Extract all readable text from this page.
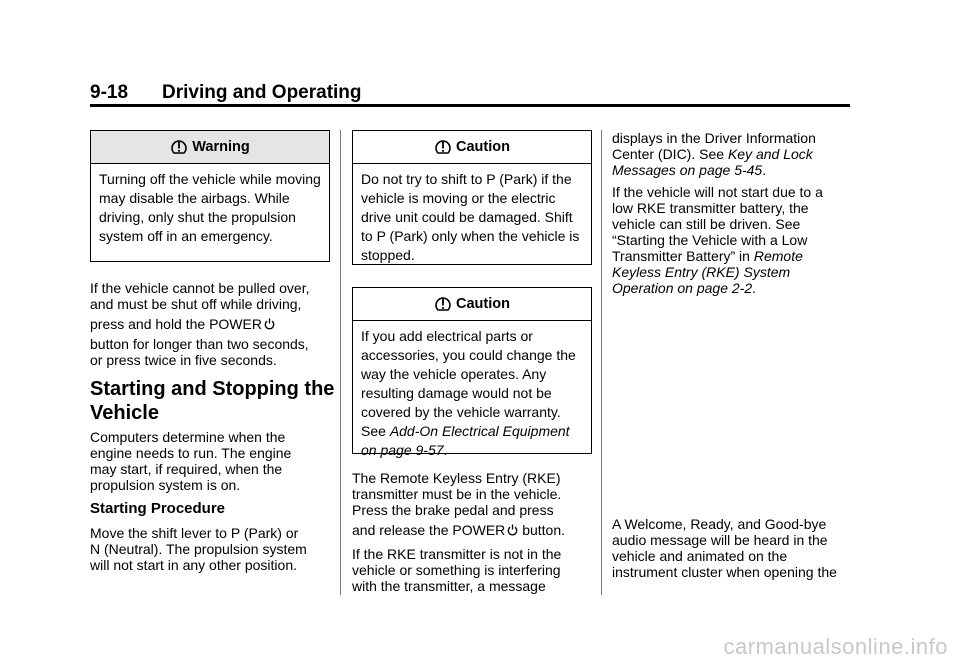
9-18 Driving and Operating
Warning
Turning off the vehicle while moving may disable the airbags. While driving, only shut the propulsion system off in an emergency.

If the vehicle cannot be pulled over,

and must be shut off while driving,

press and hold the POWER

button for longer than two seconds,

or press twice in five seconds.

Starting and Stopping the Vehicle

Computers determine when the

engine needs to run. The engine

may start, if required, when the

propulsion system is on.

Starting Procedure

Move the shift lever to P (Park) or

N (Neutral). The propulsion system

will not start in any other position.

Caution
Do not try to shift to P (Park) if the vehicle is moving or the electric drive unit could be damaged. Shift to P (Park) only when the vehicle is stopped.
Caution
If you add electrical parts or accessories, you could change the way the vehicle operates. Any resulting damage would not be covered by the vehicle warranty. See Add-On Electrical Equipment on page 9-57.

The Remote Keyless Entry (RKE)

transmitter must be in the vehicle.

Press the brake pedal and press

and release the POWER button.

If the RKE transmitter is not in the

vehicle or something is interfering

with the transmitter, a message

displays in the Driver Information

Center (DIC). See Key and Lock

Messages on page 5-45.

If the vehicle will not start due to a

low RKE transmitter battery, the

vehicle can still be driven. See

“Starting the Vehicle with a Low

Transmitter Battery” in Remote

Keyless Entry (RKE) System

Operation on page 2-2.

A Welcome, Ready, and Good-bye

audio message will be heard in the

vehicle and animated on the

instrument cluster when opening the

carmanualsonline.info
